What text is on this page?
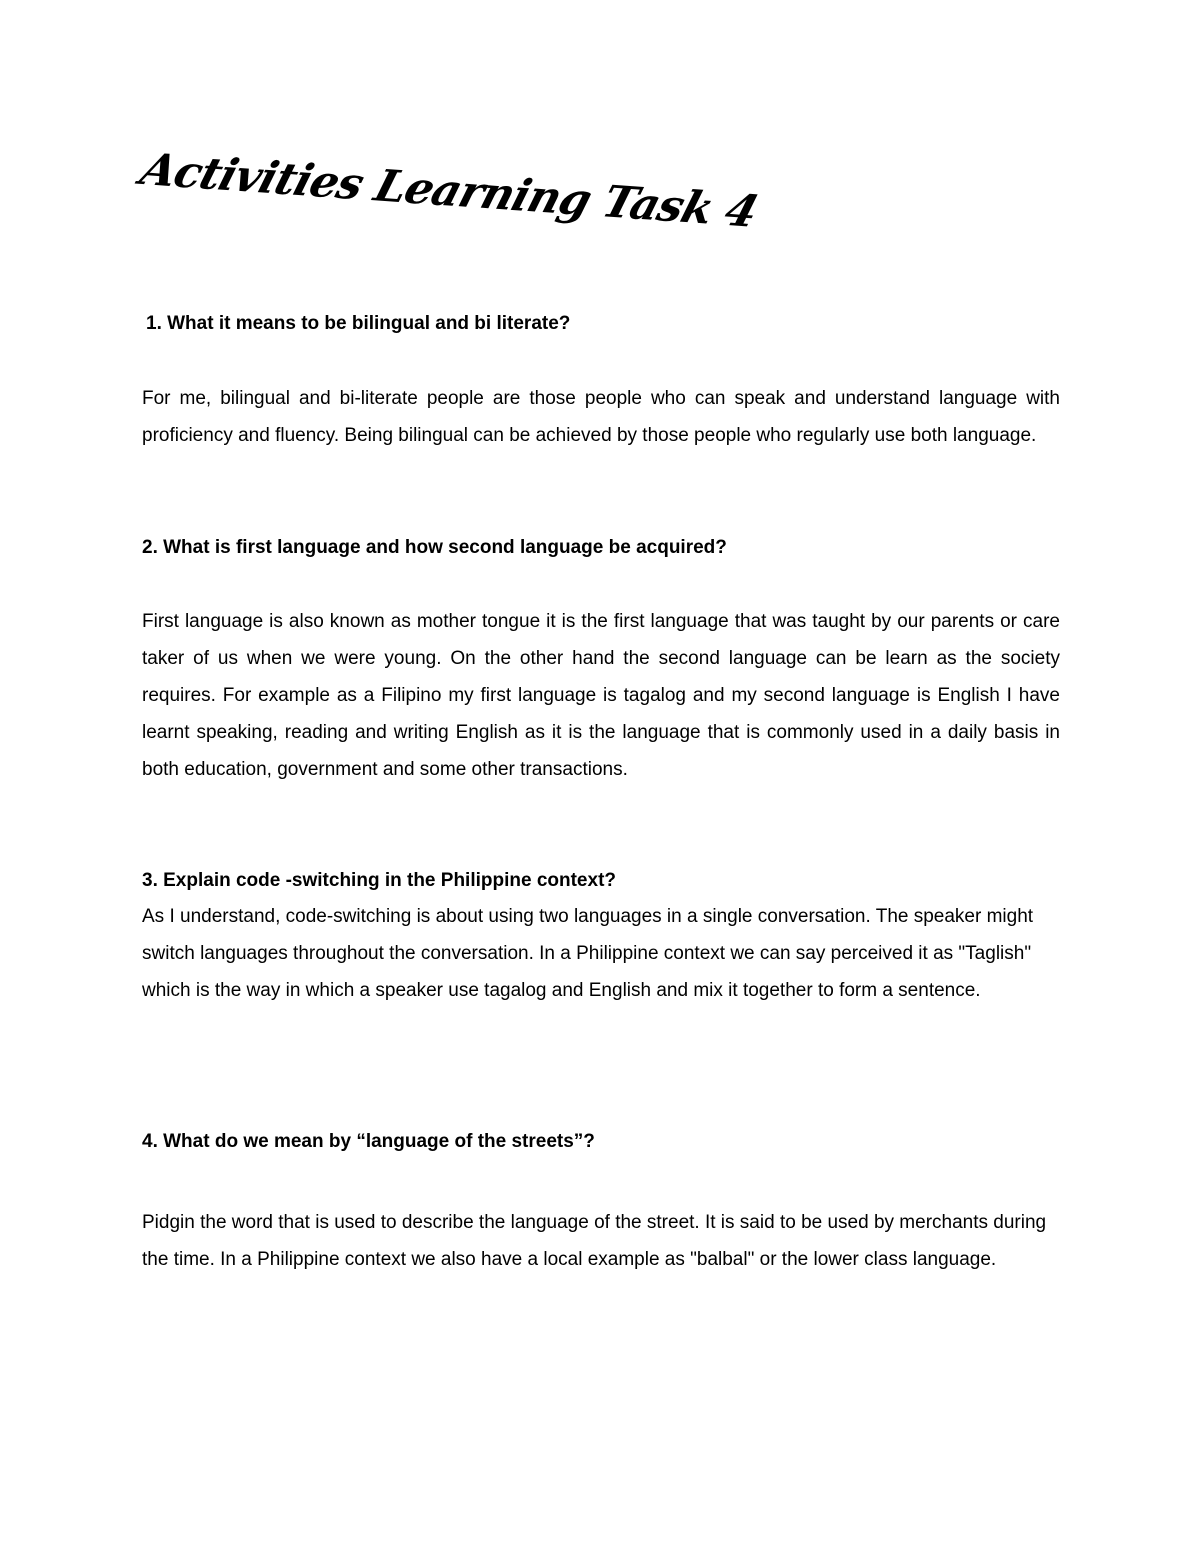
Activities Learning Task 4

1. What it means to be bilingual and bi literate?

For me, bilingual and bi-literate people are those people who can speak and understand language with proficiency and fluency. Being bilingual can be achieved by those people who regularly use both language.

2. What is first language and how second language be acquired?

First language is also known as mother tongue it is the first language that was taught by our parents or care taker of us when we were young. On the other hand the second language can be learn as the society requires. For example as a Filipino my first language is tagalog and my second language is English I have learnt speaking, reading and writing English as it is the language that is commonly used in a daily basis in both education, government and some other transactions.

3. Explain code -switching in the Philippine context?

As I understand, code-switching is about using two languages in a single conversation. The speaker might switch languages throughout the conversation. In a Philippine context we can say perceived it as "Taglish" which is the way in which a speaker use tagalog and English and mix it together to form a sentence.

4. What do we mean by “language of the streets”?

Pidgin the word that is used to describe the language of the street. It is said to be used by merchants during the time. In a Philippine context we also have a local example as "balbal" or the lower class language.
